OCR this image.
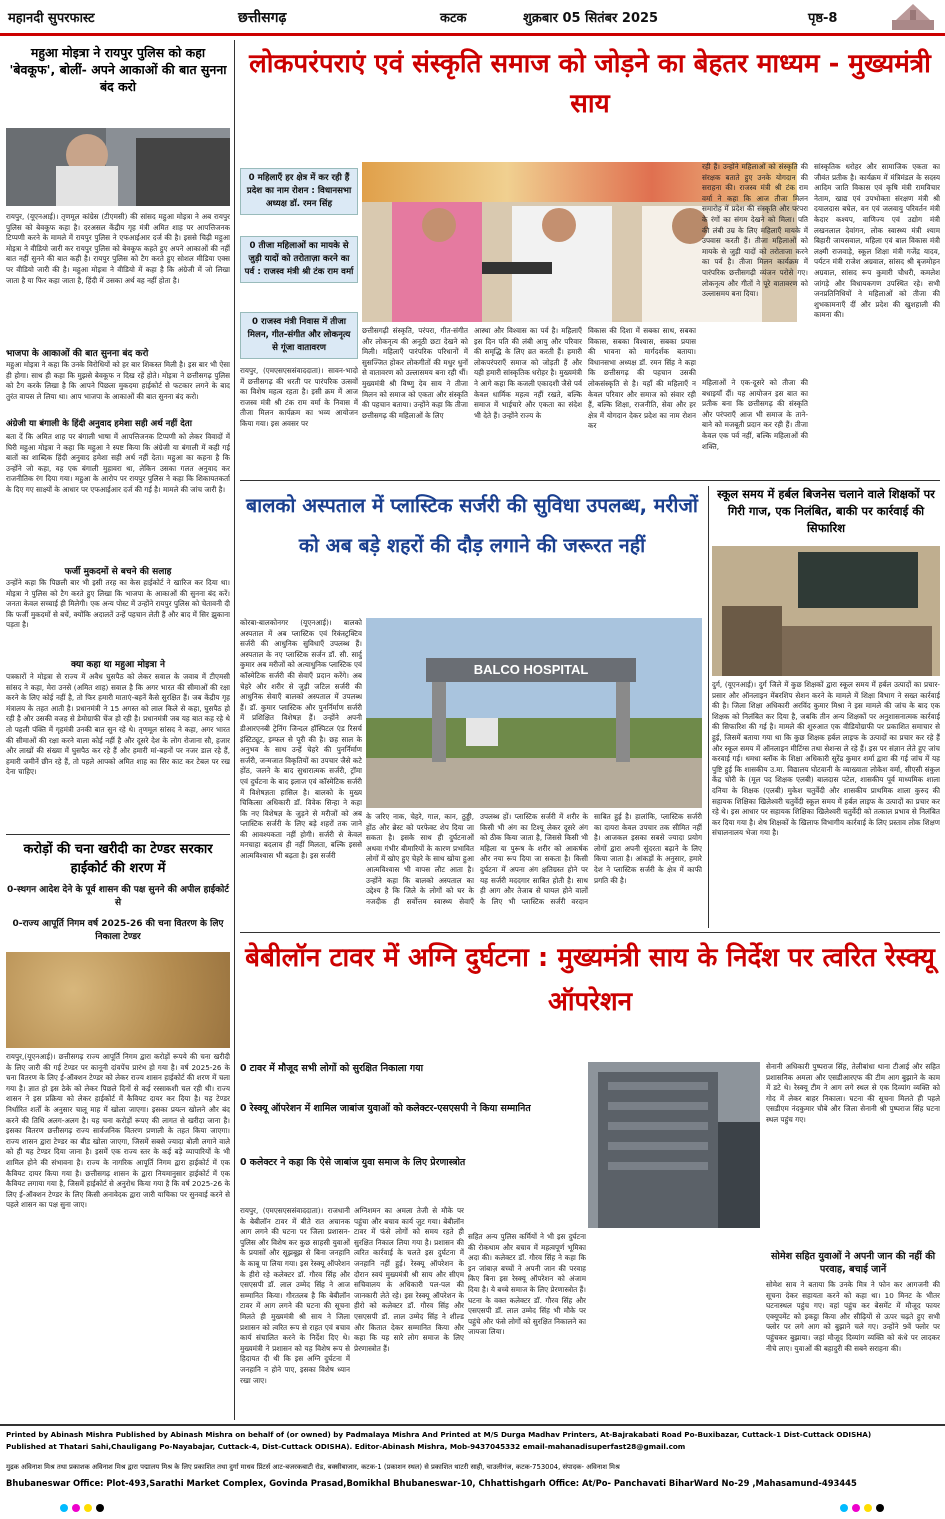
महानदी सुपरफास्ट	छत्तीसगढ़	कटक	शुक्रबार 05 सितंबर 2025	पृष्ठ-8
महुआ मोइत्रा ने रायपुर पुलिस को कहा 'बेवकूफ', बोलीं- अपने आकाओं की बात सुनना बंद करो
रायपुर, (यूएनआई)। तृणमूल कांग्रेस (टीएमसी) की सांसद महुआ मोइत्रा ने अब रायपुर पुलिस को बेवकूफ कहा है। दरअसल केंद्रीय गृह मंत्री अमित शाह पर आपत्तिजनक टिप्पणी करने के मामले में रायपुर पुलिस ने एफआईआर दर्ज की है। इससे चिढ़ी महुआ मोइत्रा ने वीडियो जारी कर रायपुर पुलिस को बेवकूफ कहते हुए अपने आकाओं की नहीं बात नहीं सुनने की बात कही है। रायपुर पुलिस को टैग करते हुए सोशल मीडिया एक्स पर वीडियो जारी की है। महुआ मोइत्रा ने वीडियो में कहा है कि अंग्रेजी में जो लिखा जाता है या फिर कहा जाता है, हिंदी में उसका अर्थ वह नहीं होता है।
भाजपा के आकाओं की बात सुनना बंद करो
महुआ मोइत्रा ने कहा कि उनके विरोधियों को हर बार शिकस्त मिली है। इस बार भी ऐसा ही होगा। साथ ही कहा कि मुझसे बेवकूफ न दिख रहें होते। मोइत्रा ने छत्तीसगढ़ पुलिस को टैग करके लिखा है कि आपने पिछला मुकदमा हाईकोर्ट से फटकार लगने के बाद तुरंत वापस ले लिया था। आप भाजपा के आकाओं की बात सुनना बंद करो।
अंग्रेजी या बंगाली के हिंदी अनुवाद हमेशा सही अर्थ नहीं देता
बता दें कि अमित शाह पर बंगाली भाषा में आपत्तिजनक टिप्पणी को लेकर विवादों में घिरी महुआ मोइत्रा ने कहा कि महुआ ने स्पष्ट किया कि अंग्रेजी या बंगाली में कही गई बातों का शाब्दिक हिंदी अनुवाद हमेशा सही अर्थ नहीं देता। महुआ का कहना है कि उन्होंने जो कहा, वह एक बंगाली मुहावरा था, लेकिन उसका गलत अनुवाद कर राजनीतिक रंग दिया गया। महुआ के आरोप पर रायपुर पुलिस ने कहा कि शिकायतकर्ता के दिए गए साक्ष्यों के आधार पर एफआईआर दर्ज की गई है। मामले की जांच जारी है।
फर्जी मुकदमों से बचने की सलाह
उन्होंने कहा कि पिछली बार भी इसी तरह का केस हाईकोर्ट ने खारिज कर दिया था। मोइत्रा ने पुलिस को टैग करते हुए लिखा कि भाजपा के आकाओं की सुनना बंद करें। जनता केवल सच्चाई ही मिलेगी। एक अन्य पोस्ट में उन्होंने रायपुर पुलिस को चेतावनी दी कि फर्जी मुकदमों से बचें, क्योंकि अदालतें उन्हें पहचान लेती हैं और बाद में सिर झुकाना पड़ता है।
क्या कहा था महुआ मोइत्रा ने
पत्रकारों ने मोइत्रा से राज्य में अवैध घुसपैठ को लेकर सवाल के जवाब में टीएमसी सांसद ने कहा, मेरा उनसे (अमित शाह) सवाल है कि अगर भारत की सीमाओं की रक्षा करने के लिए कोई नहीं है, तो फिर हमारी माताएं-बहनें कैसे सुरक्षित हैं। जब केंद्रीय गृह मंत्रालय के तहत आती है। प्रधानमंत्री ने 15 अगस्त को लाल किले से कहा, घुसपैठ हो रही है और उसकी वजह से डेमोग्राफी चेंज हो रही है। प्रधानमंत्री जब यह बात कह रहे थे तो पहली पंक्ति में गृहमंत्री उनकी बात सुन रहे थे। तृणमूल सांसद ने कहा, अगर भारत की सीमाओं की रक्षा करने वाला कोई नहीं है और दूसरे देश के लोग रोजाना सौ, हजार और लाखों की संख्या में घुसपैठ कर रहे हैं और हमारी मां-बहनों पर नजर डाल रहे हैं, हमारी जमीनें छीन रहे हैं, तो पहले आपको अमित शाह का सिर काट कर टेबल पर रख देना चाहिए।
करोड़ों की चना खरीदी का टेण्डर सरकार हाईकोर्ट की शरण में
0-स्थगन आदेश देने के पूर्व शासन की पक्ष सुनने की अपील हाईकोर्ट से
0-राज्य आपूर्ति निगम वर्ष 2025-26 की चना वितरण के लिए निकाला टेण्डर
रायपुर,(यूएनआई)। छत्तीसगढ़ राज्य आपूर्ति निगम द्वारा करोड़ों रूपये की चना खरीदी के लिए जारी की गई टेण्डर पर कानूनी दांवपेंच प्रारंभ हो गया है। वर्ष 2025-26 के चना वितरण के लिए ई-ऑक्शन टेण्डर को लेकर राज्य शासन हाईकोर्ट की शरण में चला गया है। ज्ञात हो इस ठेके को लेकर पिछले दिनों से कई रस्साकशी चल रही थी। राज्य शासन ने इस प्रक्रिया को लेकर हाईकोर्ट में कैवियट दायर कर दिया है। यह टेण्डर निर्धारित शर्तों के अनुसार चालू माह में खोला जाएगा। इसका प्रयत्न खोलने और बंद करने की तिथि अलग-अलग है। यह चना करोड़ों रूपए की लागत से खरीदा जाना है। इसका वितरण छत्तीसगढ़ राज्य सार्वजनिक वितरण प्रणाली के तहत किया जाएगा। राज्य शासन द्वारा टेण्डर का बीड खोला जाएगा, जिसमें सबसे ज्यादा बोली लगाने वाले को ही यह टेण्डर दिया जाना है। इसमें एक राज्य स्तर के कई बड़े व्यापारियों के भी शामिल होने की संभावना है। राज्य के नागरिक आपूर्ति निगम द्वारा हाईकोर्ट में एक कैवियट दायर किया गया है। छत्तीसगढ़ शासन के द्वारा नियमानुसार हाईकोर्ट में एक कैवियट लगाया गया है, जिसमें हाईकोर्ट से अनुरोध किया गया है कि वर्ष 2025-26 के लिए ई-ऑक्शन टेण्डर के लिए किसी अनावेदक द्वारा जारी याचिका पर सुनवाई करने से पहले शासन का पक्ष सुना जाए।
लोकपरंपराएं एवं संस्कृति समाज को जोड़ने का बेहतर माध्यम - मुख्यमंत्री साय
0 महिलाएँ हर क्षेत्र में कर रही हैं प्रदेश का नाम रोशन : विधानसभा अध्यक्ष डॉ. रमन सिंह
0 तीजा महिलाओं का मायके से जुड़ी यादों को तरोताज़ा करने का पर्व : राजस्व मंत्री श्री टंक राम वर्मा
0 राजस्व मंत्री निवास में तीजा मिलन, गीत-संगीत और लोकनृत्य से गूंजा वातावरण
रायपुर, (एमएसएससंवाददाता)। सावन-भादो में छत्तीसगढ़ की धरती पर पारंपरिक उत्सवों का विशेष महत्व रहता है। इसी क्रम में आज राजस्व मंत्री श्री टंक राम वर्मा के निवास में तीजा मिलन कार्यक्रम का भव्य आयोजन किया गया। इस अवसर पर
छत्तीसगढ़ी संस्कृति, परंपरा, गीत-संगीत और लोकनृत्य की अनूठी छटा देखने को मिली। महिलाएँ पारंपरिक परिधानों में सुसज्जित होकर लोकगीतों की मधुर धुनों से वातावरण को उल्लासमय बना रही थीं। मुख्यमंत्री श्री विष्णु देव साय ने तीजा मिलन को समाज को एकता और संस्कृति की पहचान बताया। उन्होंने कहा कि तीजा छत्तीसगढ़ की महिलाओं के लिए
आस्था और विश्वास का पर्व है। महिलाएँ इस दिन पति की लंबी आयु और परिवार की समृद्धि के लिए व्रत करती हैं। हमारी लोकपरंपराएँ समाज को जोड़ती हैं और यही हमारी सांस्कृतिक धरोहर है। मुख्यमंत्री ने आगे कहा कि कजली एकादशी जैसे पर्व केवल धार्मिक महत्व नहीं रखते, बल्कि समाज में भाईचारे और एकता का संदेश भी देते हैं। उन्होंने राज्य के
विकास की दिशा में सबका साथ, सबका विकास, सबका विश्वास, सबका प्रयास की भावना को मार्गदर्शक बताया। विधानसभा अध्यक्ष डॉ. रमन सिंह ने कहा कि छत्तीसगढ़ की पहचान उसकी लोकसंस्कृति से है। यहाँ की महिलाएँ न केवल परिवार और समाज को संवार रही हैं, बल्कि शिक्षा, राजनीति, सेवा और हर क्षेत्र में योगदान देकर प्रदेश का नाम रोशन कर
रही हैं। उन्होंने महिलाओं को संस्कृति की संरक्षक बताते हुए उनके योगदान की सराहना की। राजस्व मंत्री श्री टंक राम वर्मा ने कहा कि आज तीजा मिलन समारोह में प्रदेश की संस्कृति और परंपरा के रंगों का संगम देखने को मिला। पति की लंबी उम्र के लिए महिलाएँ मायके में उपवास करती हैं। तीजा महिलाओं को मायके से जुड़ी यादों को तरोताजा करने का पर्व है। तीजा मिलन कार्यक्रम में पारंपरिक छत्तीसगढ़ी व्यंजन परोसे गए। लोकनृत्य और गीतों ने पूरे वातावरण को उल्लासमय बना दिया।
महिलाओं ने एक-दूसरे को तीजा की बधाइयाँ दीं। यह आयोजन इस बात का प्रतीक बना कि छत्तीसगढ़ की संस्कृति और परंपराएँ आज भी समाज के ताने-बाने को मजबूती प्रदान कर रही हैं। तीजा केवल एक पर्व नहीं, बल्कि महिलाओं की शक्ति,
सांस्कृतिक धरोहर और सामाजिक एकता का जीवंत प्रतीक है। कार्यक्रम में मंत्रिमंडल के सदस्य आदिम जाति विकास एवं कृषि मंत्री रामविचार नेताम, खाद्य एवं उपभोक्ता संरक्षण मंत्री श्री दयालदास बघेल, वन एवं जलवायु परिवर्तन मंत्री केदार कश्यप, वाणिज्य एवं उद्योग मंत्री लखनलाल देवांगन, लोक स्वास्थ्य मंत्री श्याम बिहारी जायसवाल, महिला एवं बाल विकास मंत्री लक्ष्मी राजवाड़े, स्कूल शिक्षा मंत्री गजेंद्र यादव, पर्यटन मंत्री राजेश अग्रवाल, सांसद श्री बृजमोहन अग्रवाल, सांसद रूप कुमारी चौधरी, कमलेश जांगड़े और विधायकगण उपस्थित रहे। सभी जनप्रतिनिधियों ने महिलाओं को तीजा की शुभकामनाएँ दीं और प्रदेश की खुशहाली की कामना की।
बालको अस्पताल में प्लास्टिक सर्जरी की सुविधा उपलब्ध, मरीजों को अब बड़े शहरों की दौड़ लगाने की जरूरत नहीं
कोरबा-बालकोनगर (यूएनआई)। बालको अस्पताल में अब प्लास्टिक एवं रिकंस्ट्रक्टिव सर्जरी की आधुनिक सुविधाएँ उपलब्ध हैं। अस्पताल के नए प्लास्टिक सर्जन डॉ. सी. सार्दु कुमार अब मरीजों को अत्याधुनिक प्लास्टिक एवं कॉस्मेटिक सर्जरी की सेवाएँ प्रदान करेंगे। अब चेहरे और शरीर से जुड़ी जटिल सर्जरी की आधुनिक सेवाएँ बालको अस्पताल में उपलब्ध हैं। डॉ. कुमार प्लास्टिक और पुनर्निर्माण सर्जरी में प्रशिक्षित विशेषज्ञ हैं। उन्होंने अपनी डीआरएनबी ट्रेनिंग जिन्दल हॉस्पिटल एंड रिसर्च इंस्टिट्यूट, इम्फल से पूरी की है। छह साल के अनुभव के साथ उन्हें चेहरे की पुनर्निर्माण सर्जरी, जन्मजात विकृतियों का उपचार जैसे कटे होंठ, जलने के बाद सुधारात्मक सर्जरी, ट्रॉमा एवं दुर्घटना के बाद इलाज एवं कॉस्मेटिक सर्जरी में विशेषज्ञता हासिल है। बालको के मुख्य चिकित्सा अधिकारी डॉ. विवेक सिन्हा ने कहा कि नए विशेषज्ञ के जुड़ने से मरीजों को अब प्लास्टिक सर्जरी के लिए बड़े शहरों तक जाने की आवश्यकता नहीं होगी। सर्जरी से केवल मनचाहा बदलाव ही नहीं मिलता, बल्कि इससे आत्मविश्वास भी बढ़ता है। इस सर्जरी
BALCO HOSPITAL
के जरिए नाक, चेहरे, गाल, कान, ठुड्डी, होंठ और ब्रेस्ट को परफेक्ट शेप दिया जा सकता है। इसके साथ ही दुर्घटनाओं अथवा गंभीर बीमारियों के कारण प्रभावित लोगों में खोए हुए चेहरे के साथ खोया हुआ आत्मविश्वास भी वापस लौट आता है। उन्होंने कहा कि बालको अस्पताल का उद्देश्य है कि जिले के लोगों को घर के नजदीक ही सर्वोत्तम स्वास्थ्य सेवाएँ उपलब्ध हों। प्लास्टिक सर्जरी में शरीर के किसी भी अंग का टिश्यू लेकर दूसरे अंग को ठीक किया जाता है, जिससे किसी भी महिला या पुरूष के शरीर को आकर्षक और नया रूप दिया जा सकता है। किसी दुर्घटना में अपना अंग क्षतिग्रस्त होने पर यह सर्जरी मददगार साबित होती है। साथ ही आग और तेजाब से घायल होने वालों के लिए भी प्लास्टिक सर्जरी वरदान साबित हुई है। हालांकि, प्लास्टिक सर्जरी का दायरा केवल उपचार तक सीमित नहीं है। आजकल इसका सबसे ज्यादा प्रयोग लोगों द्वारा अपनी सुंदरता बढ़ाने के लिए किया जाता है। आंकड़ों के अनुसार, हमारे देश ने प्लास्टिक सर्जरी के क्षेत्र में काफी प्रगति की है।
स्कूल समय में हर्बल बिजनेस चलाने वाले शिक्षकों पर गिरी गाज, एक निलंबित, बाकी पर कार्रवाई की सिफारिश
दुर्ग, (यूएनआई)। दुर्ग जिले में कुछ शिक्षकों द्वारा स्कूल समय में हर्बल उत्पादों का प्रचार-प्रसार और ऑनलाइन मेंबरशिप सेशन करने के मामले में शिक्षा विभाग ने सख्त कार्रवाई की है। जिला शिक्षा अधिकारी अरविंद कुमार मिश्रा ने इस मामले की जांच के बाद एक शिक्षक को निलंबित कर दिया है, जबकि तीन अन्य शिक्षकों पर अनुशासनात्मक कार्रवाई की सिफारिश की गई है। मामले की शुरुआत एक वीडियोग्राफी पर प्रकाशित समाचार से हुई, जिसमें बताया गया था कि कुछ शिक्षक हर्बल लाइफ के उत्पादों का प्रचार कर रहे हैं और स्कूल समय में ऑनलाइन मीटिंग्स तथा सेशन्स ले रहे हैं। इस पर संज्ञान लेते हुए जांच करवाई गई। धमधा ब्लॉक के शिक्षा अधिकारी सुरेंद्र कुमार शर्मा द्वारा की गई जांच में यह पुष्टि हुई कि शासकीय उ.मा. विद्यालय घोटवानी के व्याख्याता लोकेश वर्मा, सीएसी संकुल केंद्र चोरी के (मूल पद शिक्षक एलबी) बालदास पटेल, शासकीय पूर्व माध्यमिक शाला दनिया के शिक्षक (एलबी) मुकेश चतुर्वेदी और शासकीय प्राथमिक शाला कुरुद की सहायक शिक्षिका खिलेश्वरी चतुर्वेदी स्कूल समय में हर्बल लाइफ के उत्पादों का प्रचार कर रहे थे। इस आधार पर सहायक शिक्षिका खिलेश्वरी चतुर्वेदी को तत्काल प्रभाव से निलंबित कर दिया गया है। शेष शिक्षकों के खिलाफ विभागीय कार्रवाई के लिए प्रस्ताव लोक शिक्षण संचालनालय भेजा गया है।
बेबीलॉन टावर में अग्नि दुर्घटना : मुख्यमंत्री साय के निर्देश पर त्वरित रेस्क्यू ऑपरेशन
0 टावर में मौजूद सभी लोगों को सुरक्षित निकाला गया
0 रेस्क्यू ऑपरेशन में शामिल जाबांज युवाओं को कलेक्टर-एसएसपी ने किया सम्मानित
0 कलेक्टर ने कहा कि ऐसे जाबांज युवा समाज के लिए प्रेरणास्त्रोत
रायपुर, (एमएसएससंवाददाता)। राजधानी के बेबीलॉन टावर में बीते रात अचानक आग लगने की घटना पर जिला प्रशासन-पुलिस और विशेष कर कुछ साहसी युवाओं के प्रयासों और सूझबूझ से बिना जनहानि के काबू पा लिया गया। इस रेस्क्यू ऑपरेशन के हीरो रहे कलेक्टर डॉ. गौरव सिंह और एसएसपी डॉ. लाल उम्मेद सिंह ने आज सम्मानित किया। गौरतलब है कि बेबीलॉन टावर में आग लगने की घटना की सूचना मिलते ही मुख्यमंत्री श्री साय ने जिला प्रशासन को त्वरित रूप से राहत एवं बचाव कार्य संचालित करने के निर्देश दिए थे। मुख्यमंत्री ने प्रशासन को यह विशेष रूप से हिदायत दी थी कि इस अग्नि दुर्घटना में जनहानि न होने पाए, इसका विशेष ध्यान रखा जाए।
अग्निशमन का अमला तेजी से मौके पर पहुंचा और बचाव कार्य जुट गया। बेबीलॉन टावर में फंसे लोगों को समय रहते ही सुरक्षित निकाल लिया गया है। प्रशासन की त्वरित कार्रवाई के चलते इस दुर्घटना में जनहानि नहीं हुई। रेस्क्यू ऑपरेशन के दौरान स्वयं मुख्यमंत्री श्री साय और सीएम सचिवालय के अधिकारी पल-पल की जानकारी लेते रहे। इस रेस्क्यू ऑपरेशन के हीरो को कलेक्टर डॉ. गौरव सिंह और एसएसपी डॉ. लाल उम्मेद सिंह ने शील्ड और कितात देकर सम्मानित किया और कहा कि यह सारे लोग समाज के लिए प्रेरणास्त्रोत हैं।
सहित अन्य पुलिस कर्मियों ने भी इस दुर्घटना की रोकथाम और बचाव में महत्वपूर्ण भूमिका अदा की। कलेक्टर डॉ. गौरव सिंह ने कहा कि इन जांबाज़ बच्चों ने अपनी जान की परवाह किए बिना इस रेस्क्यू ऑपरेशन को अंजाम दिया है। ये बच्चे समाज के लिए प्रेरणास्त्रोत हैं। घटना के वक्त कलेक्टर डॉ. गौरव सिंह और एसएसपी डॉ. लाल उम्मेद सिंह भी मौके पर पहुंचे और फंसे लोगों को सुरक्षित निकालने का जायजा लिया।
सेनानी अधिकारी पुष्पराज सिंह, तेलीबांधा थाना टीआई और सहित प्रशासनिक अमला और एसडीआरएफ की टीम आग बुझाने के काम में डटे थे। रेस्क्यू टीम ने आग लगे स्थल से एक दिव्यांग व्यक्ति को गोद में लेकर बाहर निकाला। घटना की सूचना मिलते ही पहले एसडीएम नंदकुमार चौबे और जिला सेनानी श्री पुष्पराज सिंह घटना स्थल पहुंच गए।
सोमेश सहित युवाओं ने अपनी जान की नहीं की परवाह, बचाई जानें
सोमेश साव ने बताया कि उनके मित्र ने फोन कर आगजनी की सूचना देकर सहायता करने को कहा था। 10 मिनट के भीतर घटनास्थल पहुंच गए। वहां पहुंच कर बेसमेंट में मौजूद फायर एक्यूपमेंट को इकट्ठा किया और सीढ़ियों से ऊपर चढ़ते हुए सभी फ्लोर पर लगे आग को बुझाने चले गए। उन्होंने 9वें फ्लोर पर पहुंचकर बुझाया। जहां मौजूद दिव्यांग व्यक्ति को कंधे पर लादकर नीचे लाए। युवाओं की बहादुरी की सबने सराहना की।
Printed by Abinash Mishra Published by Abinash Mishra on behalf of (or owned) by Padmalaya Mishra And Printed at M/S Durga Madhav Printers, At-Bajrakabati Road Po-Buxibazar, Cuttack-1 Dist-Cuttack ODISHA)
Published at Thatari Sahi,Chauligang Po-Nayabajar, Cuttack-4, Dist-Cuttack ODISHA). Editor-Abinash Mishra, Mob-9437045332 email-mahanadisuperfast28@gmail.com
मुद्रक अविनाश मिश्र तथा प्रकाशक अविनाश मिश्र द्वारा पद्मालय मिश्र के लिए प्रकाशित तथा दुर्गा माधव प्रिंटर्स आट-बजरकबाटी रोड, बक्सीबाजार, कटक-1 (प्रकाशन स्थल) से प्रकाशित थाटरी साही, चाउलीगंज, कटक-753004, संपादक- अविनाश मिश्र
Bhubaneswar Office: Plot-493,Sarathi Market Complex, Govinda Prasad,Bomikhal Bhubaneswar-10, Chhattishgarh Office: At/Po- Panchavati BiharWard No-29 ,Mahasamund-493445
